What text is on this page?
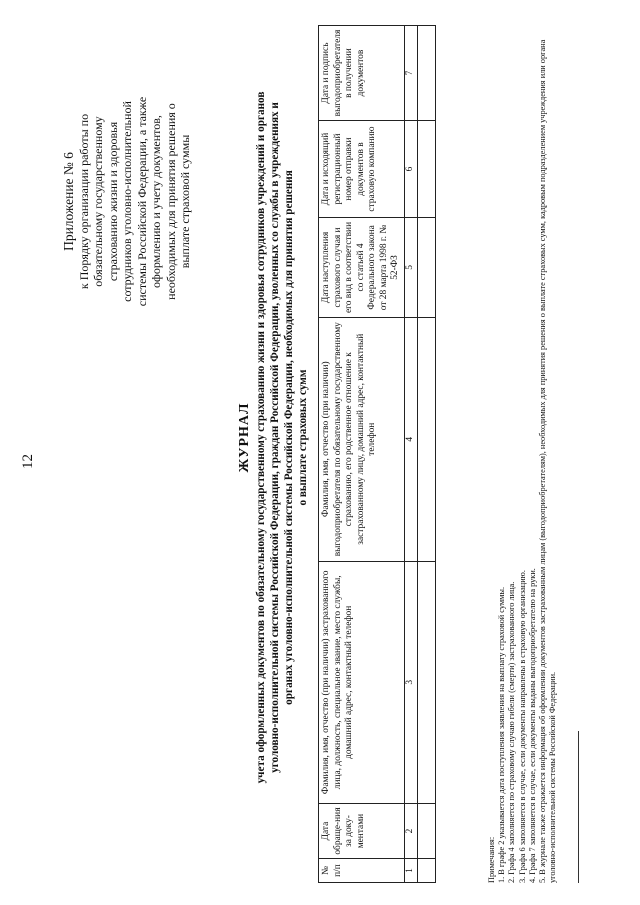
12
Приложение № 6 к Порядку организации работы по обязательному государственному страхованию жизни и здоровья сотрудников уголовно-исполнительной системы Российской Федерации, а также оформлению и учету документов, необходимых для принятия решения о выплате страховой суммы
ЖУРНАЛ учета оформленных документов по обязательному государственному страхованию жизни и здоровья сотрудников учреждений и органов уголовно-исполнительной системы Российской Федерации, граждан Российской Федерации, уволенных со службы в учреждениях и органах уголовно-исполнительной системы Российской Федерации, необходимых для принятия решения о выплате страховых сумм
№ п/п	Дата обраще-ния за доку-ментами	Фамилия, имя, отчество (при наличии) застрахованного лица, должность, специальное звание, место службы, домашний адрес, контактный телефон	Фамилия, имя, отчество (при наличии) выгодоприобретателя по обязательному государственному страхованию, его родственное отношение к застрахованному лицу, домашний адрес, контактный телефон	Дата наступления страхового случая и его вид в соответствии со статьей 4 Федерального закона от 28 марта 1998 г. № 52-ФЗ	Дата и исходящий регистрационный номер отправки документов в страховую компанию	Дата и подпись выгодоприобретателя в получении документов
1	2	3	4	5	6	7

Примечания: 1. В графе 2 указывается дата поступления заявления на выплату страховой суммы. 2. Графа 4 заполняется по страховому случаю гибели (смерти) застрахованного лица. 3. Графа 6 заполняется в случае, если документы направлены в страховую организацию. 4. Графа 7 заполняется в случае, если документы выданы выгодоприобретателю на руки. 5. В журнале также отражается информация об оформлении документов застрахованным лицам (выгодоприобретателям), необходимых для принятия решения о выплате страховых сумм, кадровым подразделением учреждения или органа уголовно-исполнительной системы Российской Федерации.
